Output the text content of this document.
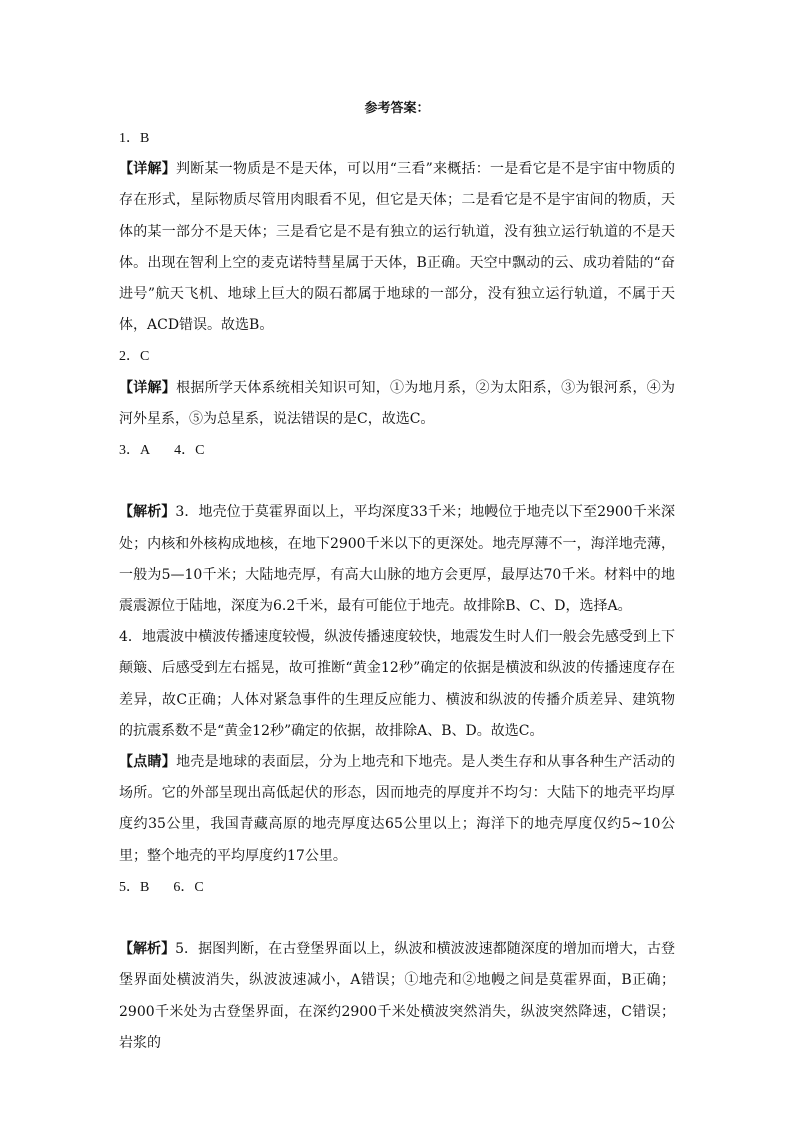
参考答案：

1．B

【详解】判断某一物质是不是天体，可以用“三看”来概括：一是看它是不是宇宙中物质的存在形式，星际物质尽管用肉眼看不见，但它是天体；二是看它是不是宇宙间的物质，天体的某一部分不是天体；三是看它是不是有独立的运行轨道，没有独立运行轨道的不是天体。出现在智利上空的麦克诺特彗星属于天体，B正确。天空中飘动的云、成功着陆的“奋进号”航天飞机、地球上巨大的陨石都属于地球的一部分，没有独立运行轨道，不属于天体，ACD错误。故选B。

2．C

【详解】根据所学天体系统相关知识可知，①为地月系，②为太阳系，③为银河系，④为河外星系，⑤为总星系，说法错误的是C，故选C。

3．A 4．C

【解析】3．地壳位于莫霍界面以上，平均深度33千米；地幔位于地壳以下至2900千米深处；内核和外核构成地核，在地下2900千米以下的更深处。地壳厚薄不一，海洋地壳薄，一般为5—10千米；大陆地壳厚，有高大山脉的地方会更厚，最厚达70千米。材料中的地震震源位于陆地，深度为6.2千米，最有可能位于地壳。故排除B、C、D，选择A。

4．地震波中横波传播速度较慢，纵波传播速度较快，地震发生时人们一般会先感受到上下颠簸、后感受到左右摇晃，故可推断“黄金12秒”确定的依据是横波和纵波的传播速度存在差异，故C正确；人体对紧急事件的生理反应能力、横波和纵波的传播介质差异、建筑物的抗震系数不是“黄金12秒”确定的依据，故排除A、B、D。故选C。

【点睛】地壳是地球的表面层，分为上地壳和下地壳。是人类生存和从事各种生产活动的场所。它的外部呈现出高低起伏的形态，因而地壳的厚度并不均匀：大陆下的地壳平均厚度约35公里，我国青藏高原的地壳厚度达65公里以上；海洋下的地壳厚度仅约5~10公里；整个地壳的平均厚度约17公里。

5．B 6．C

【解析】5．据图判断，在古登堡界面以上，纵波和横波波速都随深度的增加而增大，古登堡界面处横波消失，纵波波速减小，A错误；①地壳和②地幔之间是莫霍界面，B正确；2900千米处为古登堡界面，在深约2900千米处横波突然消失，纵波突然降速，C错误；岩浆的
